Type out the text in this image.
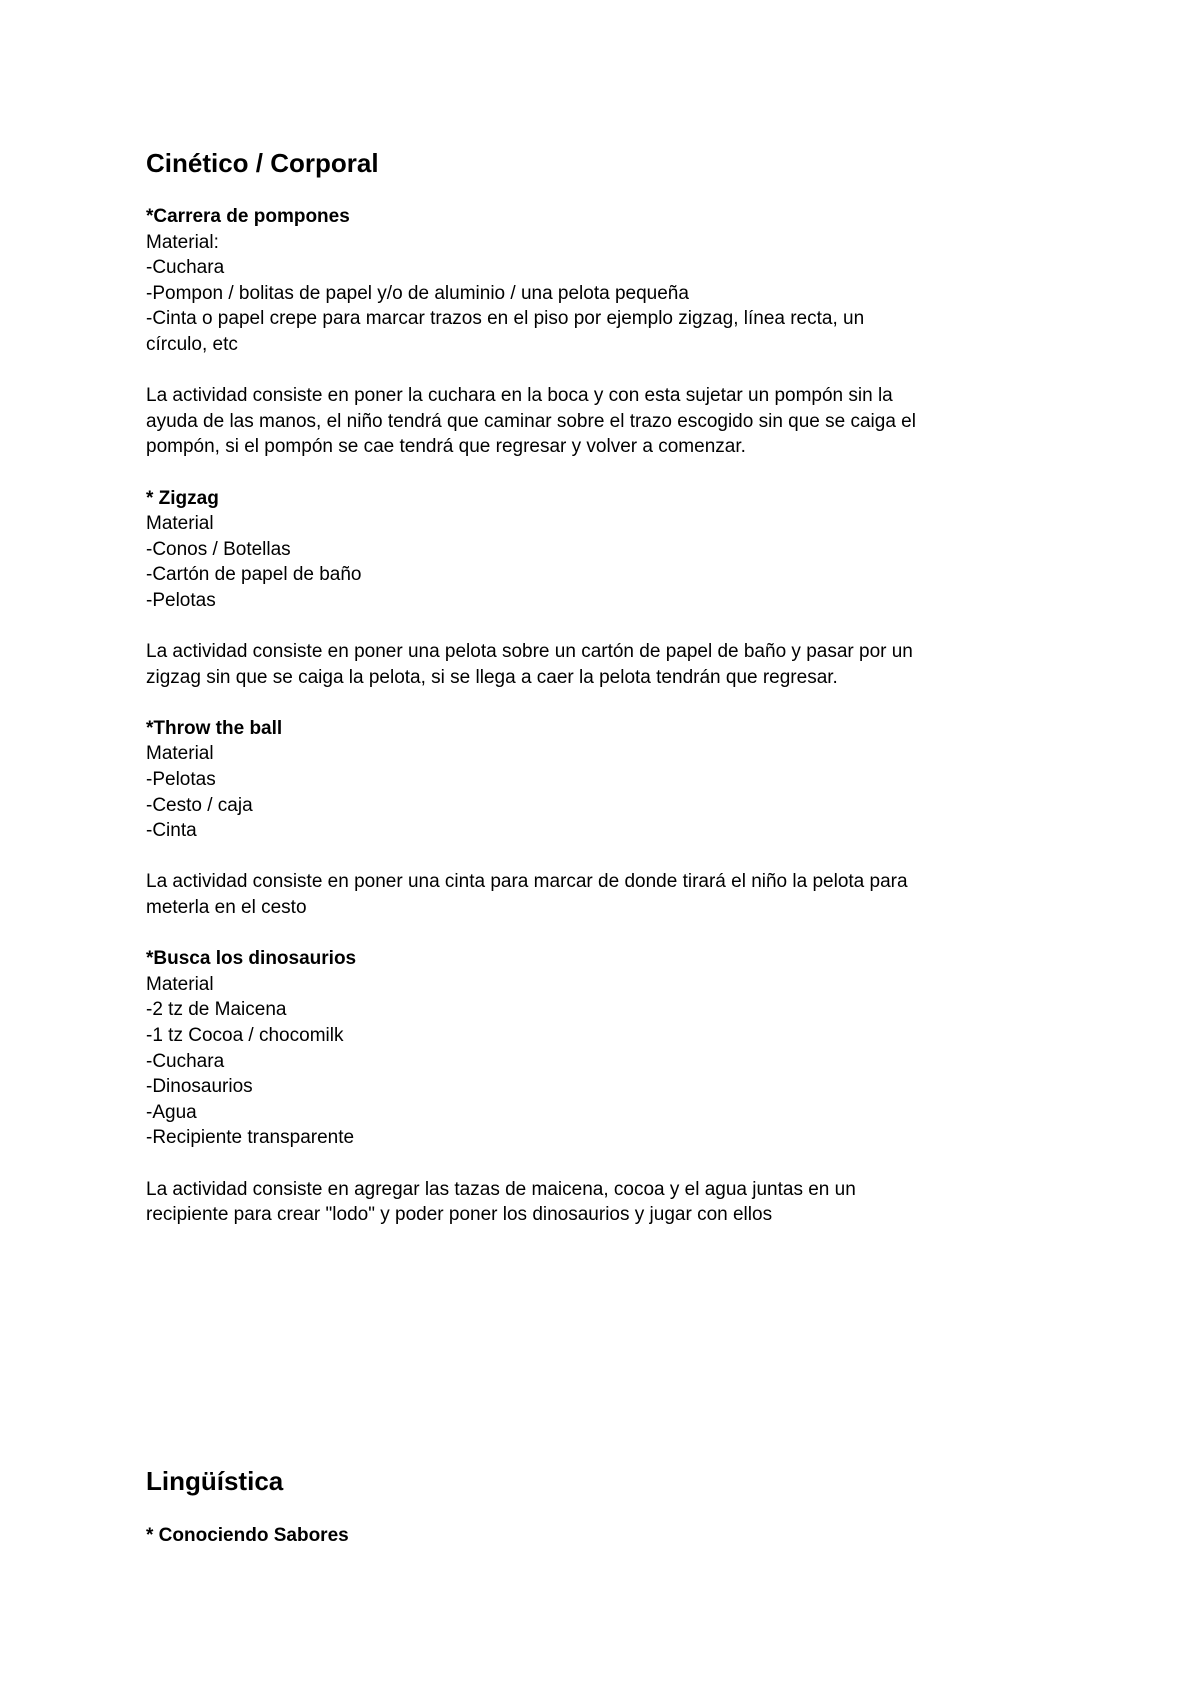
Cinético / Corporal
*Carrera de pompones
Material:
-Cuchara
-Pompon / bolitas de papel y/o de aluminio / una pelota pequeña
-Cinta o papel crepe para marcar trazos en el piso por ejemplo zigzag, línea recta, un
círculo, etc
La actividad consiste en poner la cuchara en la boca y con esta sujetar un pompón sin la
ayuda de las manos, el niño tendrá que caminar sobre el trazo escogido sin que se caiga el
pompón, si el pompón se cae tendrá que regresar y volver a comenzar.
* Zigzag
Material
-Conos / Botellas
-Cartón de papel de baño
-Pelotas
La actividad consiste en poner una pelota sobre un cartón de papel de baño y pasar por un
zigzag sin que se caiga la pelota, si se llega a caer la pelota tendrán que regresar.
*Throw the ball
Material
-Pelotas
-Cesto / caja
-Cinta
La actividad consiste en poner una cinta para marcar de donde tirará el niño la pelota para
meterla en el cesto
*Busca los dinosaurios
Material
-2 tz de Maicena
-1 tz Cocoa / chocomilk
-Cuchara
-Dinosaurios
-Agua
-Recipiente transparente
La actividad consiste en agregar las tazas de maicena, cocoa y el agua juntas en un
recipiente para crear "lodo" y poder poner los dinosaurios y jugar con ellos
Lingüística
* Conociendo Sabores
